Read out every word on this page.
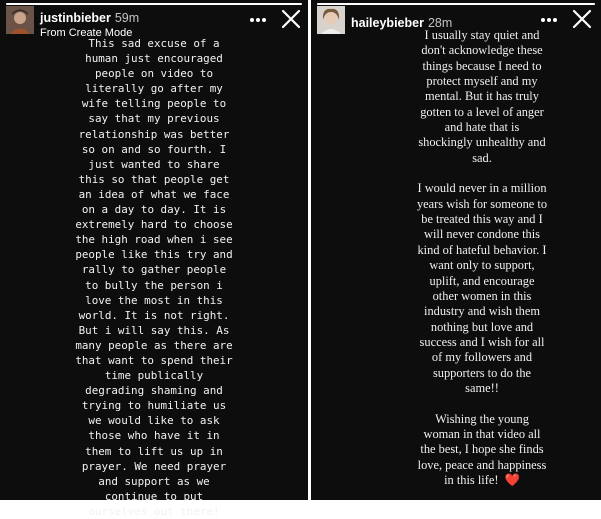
justinbieber 59m
From Create Mode
This sad excuse of a
human just encouraged
people on video to
literally go after my
wife telling people to
say that my previous
relationship was better
so on and so fourth. I
just wanted to share
this so that people get
an idea of what we face
on a day to day. It is
extremely hard to choose
the high road when i see
people like this try and
rally to gather people
to bully the person i
love the most in this
world. It is not right.
But i will say this. As
many people as there are
that want to spend their
time publically
degrading shaming and
trying to humiliate us
we would like to ask
those who have it in
them to lift us up in
prayer. We need prayer
and support as we
continue to put
ourselves out there!
haileybieber 28m
I usually stay quiet and
don't acknowledge these
things because I need to
protect myself and my
mental. But it has truly
gotten to a level of anger
and hate that is
shockingly unhealthy and
sad.
I would never in a million
years wish for someone to
be treated this way and I
will never condone this
kind of hateful behavior. I
want only to support,
uplift, and encourage
other women in this
industry and wish them
nothing but love and
success and I wish for all
of my followers and
supporters to do the
same!!
Wishing the young
woman in that video all
the best, I hope she finds
love, peace and happiness
in this life! ❤️
